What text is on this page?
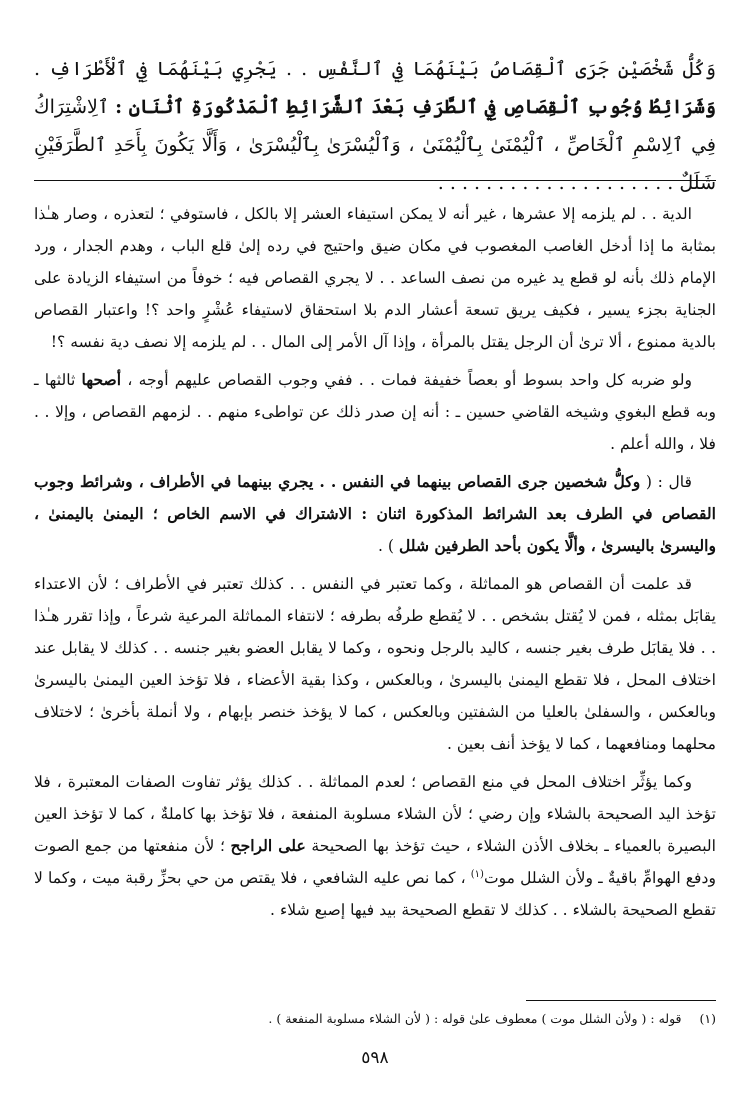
وَكُلُّ شَخْصَيْنِ جَرَى ٱلْقِصَاصُ بَيْنَهُمَا فِي ٱلنَّفْسِ . . يَجْرِي بَيْنَهُمَا فِي ٱلْأَطْرَافِ . وَشَرَائِطُ وُجُوبِ ٱلْقِصَاصِ فِي ٱلطَّرَفِ بَعْدَ ٱلشَّرَائِطِ ٱلْمَذْكُورَةِ ٱثْنَانِ : ٱلِاشْتِرَاكُ فِي ٱلِاسْمِ ٱلْخَاصِّ ، ٱلْيُمْنَىٰ بِٱلْيُمْنَىٰ ، وَٱلْيُسْرَىٰ بِٱلْيُسْرَىٰ ، وَأَلَّا يَكُونَ بِأَحَدِ ٱلطَّرَفَيْنِ شَلَلٌ . . . . . . . . . . . . . . . . . . . .

الدية . . لم يلزمه إلا عشرها ، غير أنه لا يمكن استيفاء العشر إلا بالكل ، فاستوفي ؛ لتعذره ، وصار هـٰذا بمثابة ما إذا أدخل الغاصب المغصوب في مكان ضيق واحتيج في رده إلىٰ قلع الباب ، وهدم الجدار ، ورد الإمام ذلك بأنه لو قطع يد غيره من نصف الساعد . . لا يجري القصاص فيه ؛ خوفاً من استيفاء الزيادة على الجناية بجزء يسير ، فكيف يريق تسعة أعشار الدم بلا استحقاق لاستيفاء عُشْرٍ واحد ؟! واعتبار القصاص بالدية ممنوع ، ألا ترىٰ أن الرجل يقتل بالمرأة ، وإذا آل الأمر إلى المال . . لم يلزمه إلا نصف دية نفسه ؟!

ولو ضربه كل واحد بسوط أو بعصاً خفيفة فمات . . ففي وجوب القصاص عليهم أوجه ، أصحها ثالثها ـ وبه قطع البغوي وشيخه القاضي حسين ـ : أنه إن صدر ذلك عن تواطىء منهم . . لزمهم القصاص ، وإلا . . فلا ، والله أعلم .

قال : ( وكلُّ شخصين جرى القصاص بينهما في النفس . . يجري بينهما في الأطراف ، وشرائط وجوب القصاص في الطرف بعد الشرائط المذكورة اثنان : الاشتراك في الاسم الخاص ؛ اليمنىٰ باليمنىٰ ، واليسرىٰ باليسرىٰ ، وألَّا يكون بأحد الطرفين شلل ) .

قد علمت أن القصاص هو المماثلة ، وكما تعتبر في النفس . . كذلك تعتبر في الأطراف ؛ لأن الاعتداء يقابَل بمثله ، فمن لا يُقتل بشخص . . لا يُقطع طرفُه بطرفه ؛ لانتفاء المماثلة المرعية شرعاً ، وإذا تقرر هـٰذا . . فلا يقابَل طرف بغير جنسه ، كاليد بالرجل ونحوه ، وكما لا يقابل العضو بغير جنسه . . كذلك لا يقابل عند اختلاف المحل ، فلا تقطع اليمنىٰ باليسرىٰ ، وبالعكس ، وكذا بقية الأعضاء ، فلا تؤخذ العين اليمنىٰ باليسرىٰ وبالعكس ، والسفلىٰ بالعليا من الشفتين وبالعكس ، كما لا يؤخذ خنصر بإبهام ، ولا أنملة بأخرىٰ ؛ لاختلاف محلهما ومنافعهما ، كما لا يؤخذ أنف بعين .

وكما يؤثِّر اختلاف المحل في منع القصاص ؛ لعدم المماثلة . . كذلك يؤثر تفاوت الصفات المعتبرة ، فلا تؤخذ اليد الصحيحة بالشلاء وإن رضي ؛ لأن الشلاء مسلوبة المنفعة ، فلا تؤخذ بها كاملةٌ ، كما لا تؤخذ العين البصيرة بالعمياء ـ بخلاف الأذن الشلاء ، حيث تؤخذ بها الصحيحة على الراجح ؛ لأن منفعتها من جمع الصوت ودفع الهوامِّ باقيةٌ ـ ولأن الشلل موت$^{(١)}$ ، كما نص عليه الشافعي ، فلا يقتص من حي بحزِّ رقبة ميت ، وكما لا تقطع الصحيحة بالشلاء . . كذلك لا تقطع الصحيحة بيد فيها إصبع شلاء .

(١) قوله : ( ولأن الشلل موت ) معطوف علىٰ قوله : ( لأن الشلاء مسلوبة المنفعة ) .
٥٩٨
